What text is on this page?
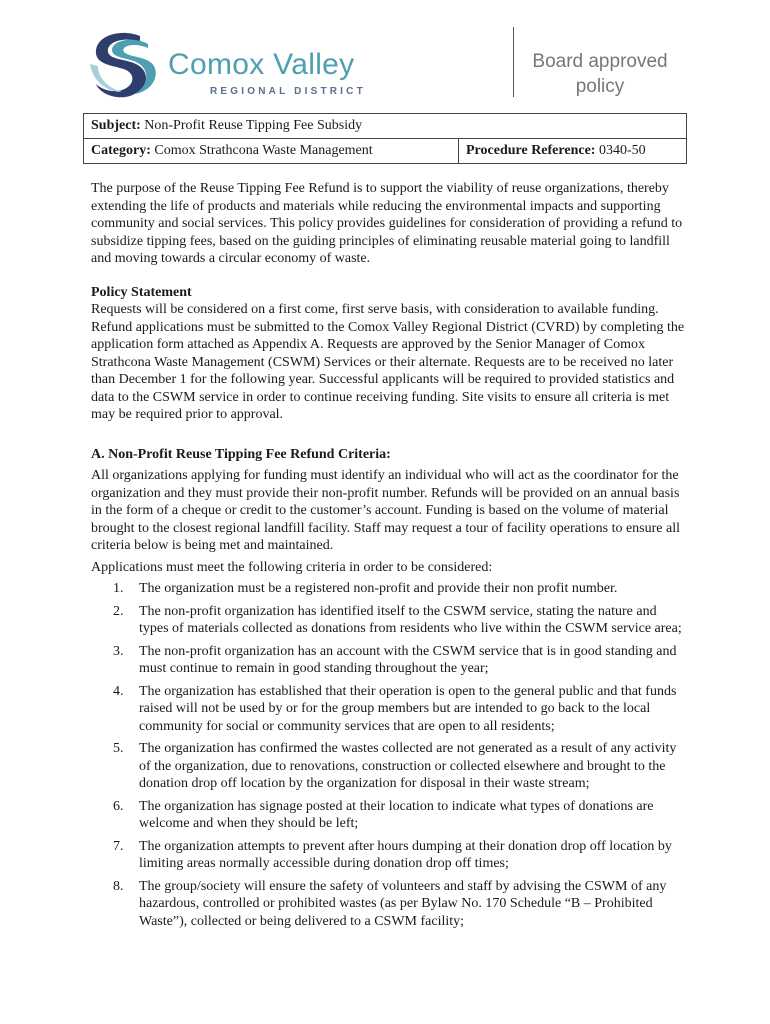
Comox Valley
REGIONAL DISTRICT
Board approved
policy
Subject: Non-Profit Reuse Tipping Fee Subsidy
Category: Comox Strathcona Waste Management	Procedure Reference: 0340-50

The purpose of the Reuse Tipping Fee Refund is to support the viability of reuse organizations, thereby extending the life of products and materials while reducing the environmental impacts and supporting community and social services. This policy provides guidelines for consideration of providing a refund to subsidize tipping fees, based on the guiding principles of eliminating reusable material going to landfill and moving towards a circular economy of waste.

Policy Statement

Requests will be considered on a first come, first serve basis, with consideration to available funding. Refund applications must be submitted to the Comox Valley Regional District (CVRD) by completing the application form attached as Appendix A. Requests are approved by the Senior Manager of Comox Strathcona Waste Management (CSWM) Services or their alternate. Requests are to be received no later than December 1 for the following year. Successful applicants will be required to provided statistics and data to the CSWM service in order to continue receiving funding. Site visits to ensure all criteria is met may be required prior to approval.

A. Non-Profit Reuse Tipping Fee Refund Criteria:

All organizations applying for funding must identify an individual who will act as the coordinator for the organization and they must provide their non-profit number. Refunds will be provided on an annual basis in the form of a cheque or credit to the customer’s account. Funding is based on the volume of material brought to the closest regional landfill facility. Staff may request a tour of facility operations to ensure all criteria below is being met and maintained.

Applications must meet the following criteria in order to be considered:

1. The organization must be a registered non-profit and provide their non profit number.
2. The non-profit organization has identified itself to the CSWM service, stating the nature and types of materials collected as donations from residents who live within the CSWM service area;
3. The non-profit organization has an account with the CSWM service that is in good standing and must continue to remain in good standing throughout the year;
4. The organization has established that their operation is open to the general public and that funds raised will not be used by or for the group members but are intended to go back to the local community for social or community services that are open to all residents;
5. The organization has confirmed the wastes collected are not generated as a result of any activity of the organization, due to renovations, construction or collected elsewhere and brought to the donation drop off location by the organization for disposal in their waste stream;
6. The organization has signage posted at their location to indicate what types of donations are welcome and when they should be left;
7. The organization attempts to prevent after hours dumping at their donation drop off location by limiting areas normally accessible during donation drop off times;
8. The group/society will ensure the safety of volunteers and staff by advising the CSWM of any hazardous, controlled or prohibited wastes (as per Bylaw No. 170 Schedule “B – Prohibited Waste”), collected or being delivered to a CSWM facility;
